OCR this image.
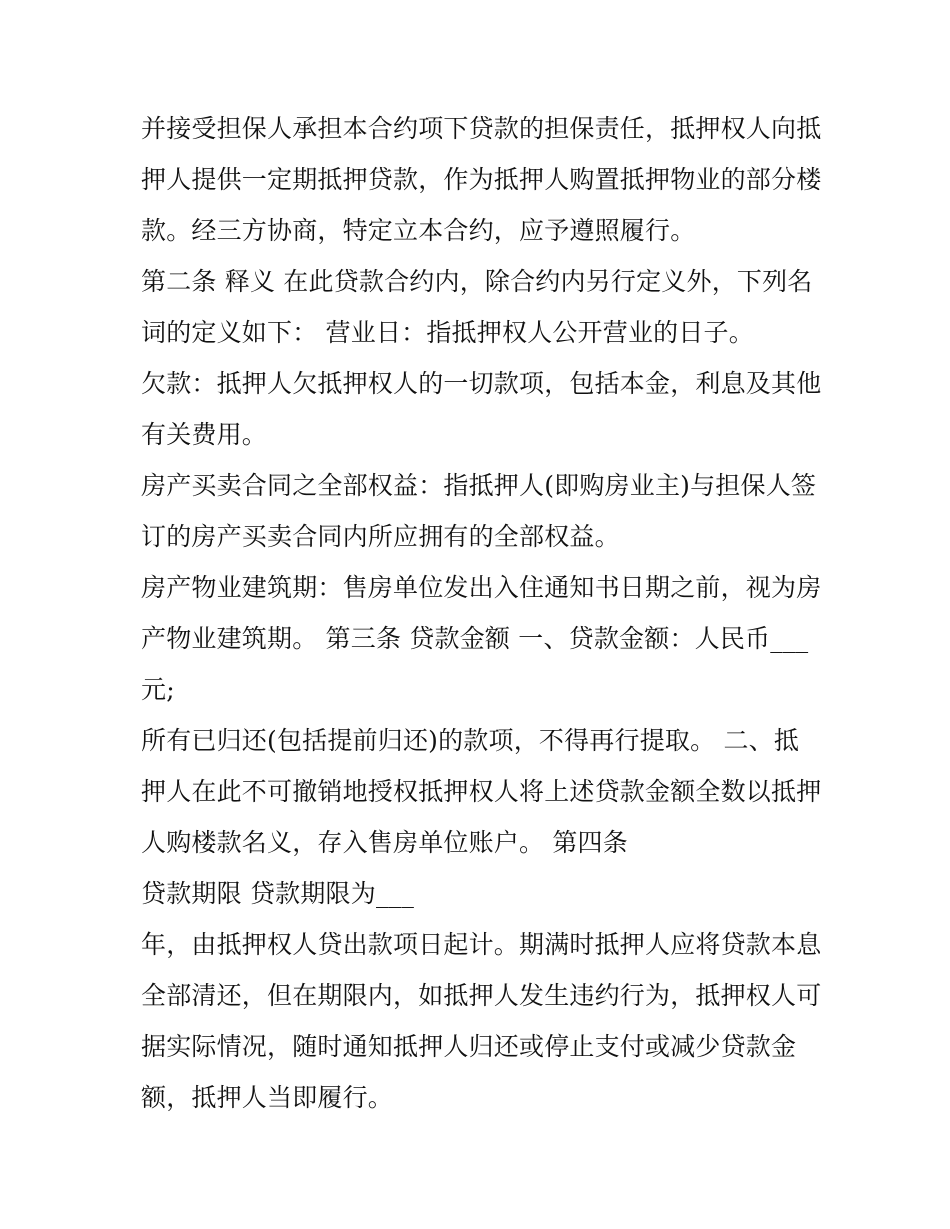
并接受担保人承担本合约项下贷款的担保责任，抵押权人向抵
押人提供一定期抵押贷款，作为抵押人购置抵押物业的部分楼
款。经三方协商，特定立本合约，应予遵照履行。
第二条 释义 在此贷款合约内，除合约内另行定义外，下列名
词的定义如下： 营业日：指抵押权人公开营业的日子。
欠款：抵押人欠抵押权人的一切款项，包括本金，利息及其他
有关费用。
房产买卖合同之全部权益：指抵押人(即购房业主)与担保人签
订的房产买卖合同内所应拥有的全部权益。
房产物业建筑期：售房单位发出入住通知书日期之前，视为房
产物业建筑期。 第三条 贷款金额 一、贷款金额：人民币___
元;
所有已归还(包括提前归还)的款项，不得再行提取。 二、抵
押人在此不可撤销地授权抵押权人将上述贷款金额全数以抵押
人购楼款名义，存入售房单位账户。 第四条
贷款期限 贷款期限为___
年，由抵押权人贷出款项日起计。期满时抵押人应将贷款本息
全部清还，但在期限内，如抵押人发生违约行为，抵押权人可
据实际情况，随时通知抵押人归还或停止支付或减少贷款金
额，抵押人当即履行。
